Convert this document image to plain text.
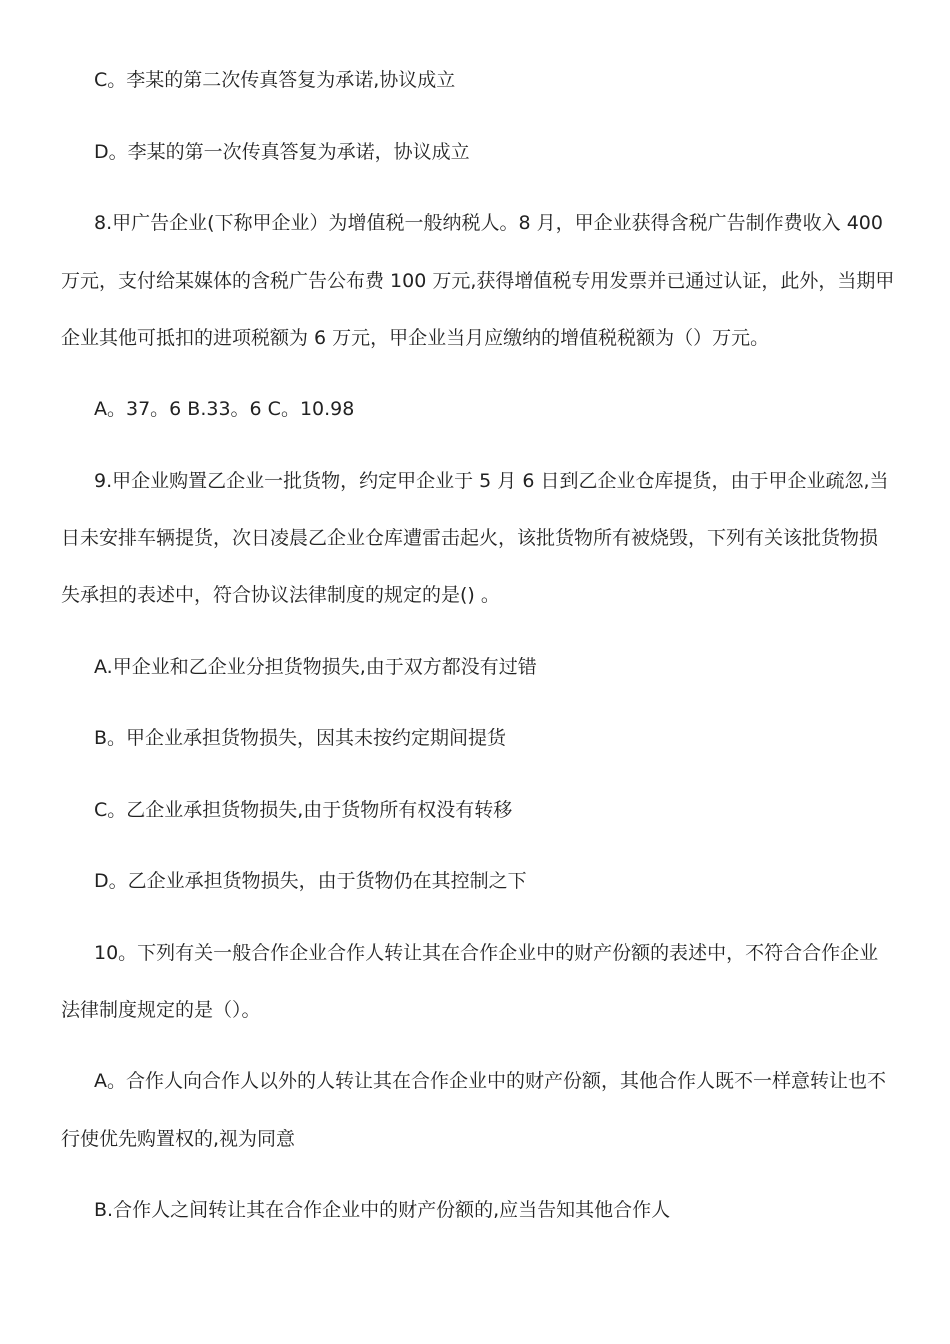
C。李某的第二次传真答复为承诺,协议成立
D。李某的第一次传真答复为承诺，协议成立
8.甲广告企业(下称甲企业）为增值税一般纳税人。8 月，甲企业获得含税广告制作费收入 400
万元，支付给某媒体的含税广告公布费 100 万元,获得增值税专用发票并已通过认证，此外，当期甲
企业其他可抵扣的进项税额为 6 万元，甲企业当月应缴纳的增值税税额为（）万元。
A。37。6 B.33。6 C。10.98
9.甲企业购置乙企业一批货物，约定甲企业于 5 月 6 日到乙企业仓库提货，由于甲企业疏忽,当
日未安排车辆提货，次日凌晨乙企业仓库遭雷击起火，该批货物所有被烧毁，下列有关该批货物损
失承担的表述中，符合协议法律制度的规定的是() 。
A.甲企业和乙企业分担货物损失,由于双方都没有过错
B。甲企业承担货物损失，因其未按约定期间提货
C。乙企业承担货物损失,由于货物所有权没有转移
D。乙企业承担货物损失，由于货物仍在其控制之下
10。下列有关一般合作企业合作人转让其在合作企业中的财产份额的表述中，不符合合作企业
法律制度规定的是（）。
A。合作人向合作人以外的人转让其在合作企业中的财产份额，其他合作人既不一样意转让也不
行使优先购置权的,视为同意
B.合作人之间转让其在合作企业中的财产份额的,应当告知其他合作人
